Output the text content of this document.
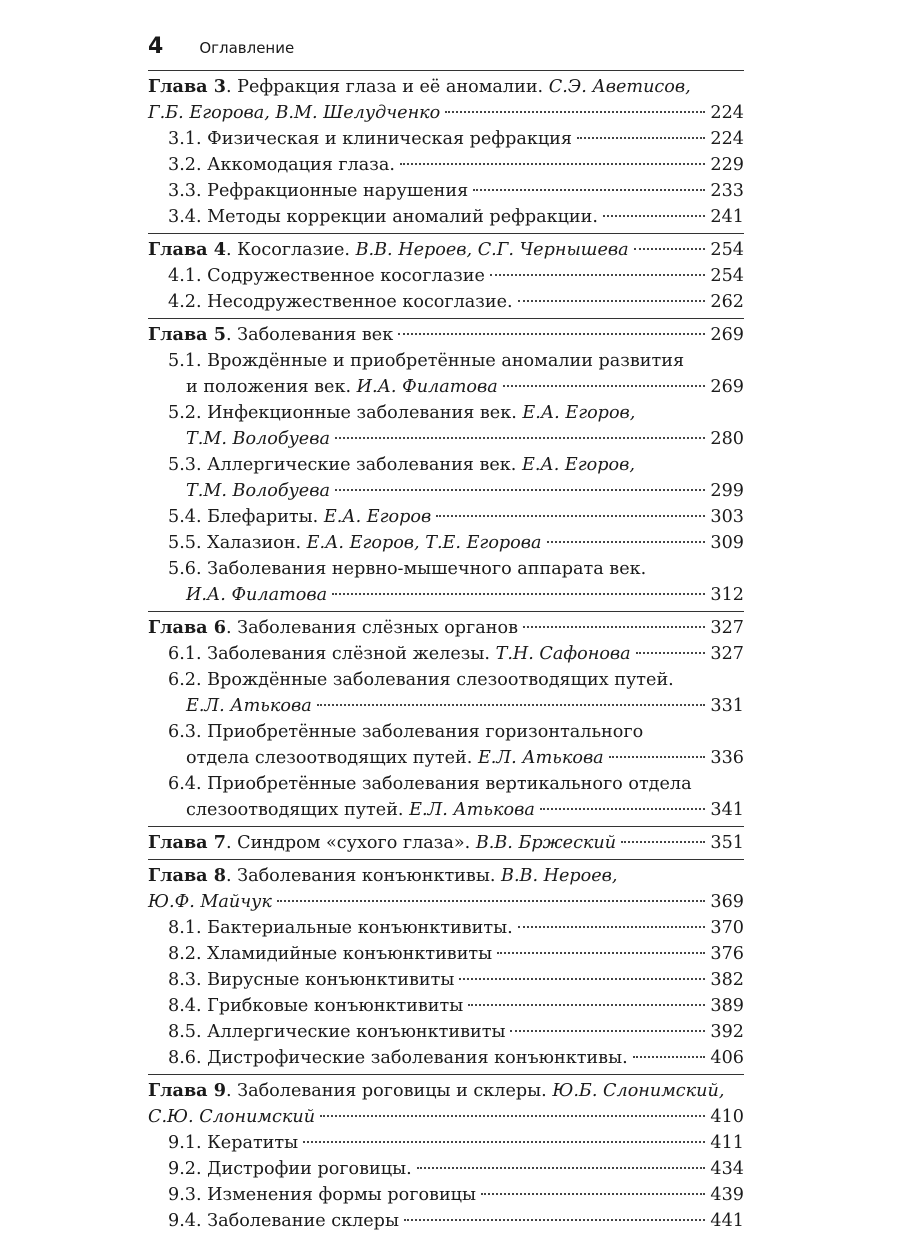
4 Оглавление
Глава 3. Рефракция глаза и её аномалии. С.Э. Аветисов,
Г.Б. Егорова, В.М. Шелудченко	224
3.1. Физическая и клиническая рефракция	224
3.2. Аккомодация глаза.	229
3.3. Рефракционные нарушения	233
3.4. Методы коррекции аномалий рефракции.	241
Глава 4. Косоглазие. В.В. Нероев, С.Г. Чернышева	254
4.1. Содружественное косоглазие	254
4.2. Несодружественное косоглазие.	262
Глава 5. Заболевания век	269
5.1. Врождённые и приобретённые аномалии развития
и положения век. И.А. Филатова	269
5.2. Инфекционные заболевания век. Е.А. Егоров,
Т.М. Волобуева	280
5.3. Аллергические заболевания век. Е.А. Егоров,
Т.М. Волобуева	299
5.4. Блефариты. Е.А. Егоров	303
5.5. Халазион. Е.А. Егоров, Т.Е. Егорова	309
5.6. Заболевания нервно-мышечного аппарата век.
И.А. Филатова	312
Глава 6. Заболевания слёзных органов	327
6.1. Заболевания слёзной железы. Т.Н. Сафонова	327
6.2. Врождённые заболевания слезоотводящих путей.
Е.Л. Атькова	331
6.3. Приобретённые заболевания горизонтального
отдела слезоотводящих путей. Е.Л. Атькова	336
6.4. Приобретённые заболевания вертикального отдела
слезоотводящих путей. Е.Л. Атькова	341
Глава 7. Синдром «сухого глаза». В.В. Бржеский	351
Глава 8. Заболевания конъюнктивы. В.В. Нероев,
Ю.Ф. Майчук	369
8.1. Бактериальные конъюнктивиты.	370
8.2. Хламидийные конъюнктивиты	376
8.3. Вирусные конъюнктивиты	382
8.4. Грибковые конъюнктивиты	389
8.5. Аллергические конъюнктивиты	392
8.6. Дистрофические заболевания конъюнктивы.	406
Глава 9. Заболевания роговицы и склеры. Ю.Б. Слонимский,
С.Ю. Слонимский	410
9.1. Кератиты	411
9.2. Дистрофии роговицы.	434
9.3. Изменения формы роговицы	439
9.4. Заболевание склеры	441
